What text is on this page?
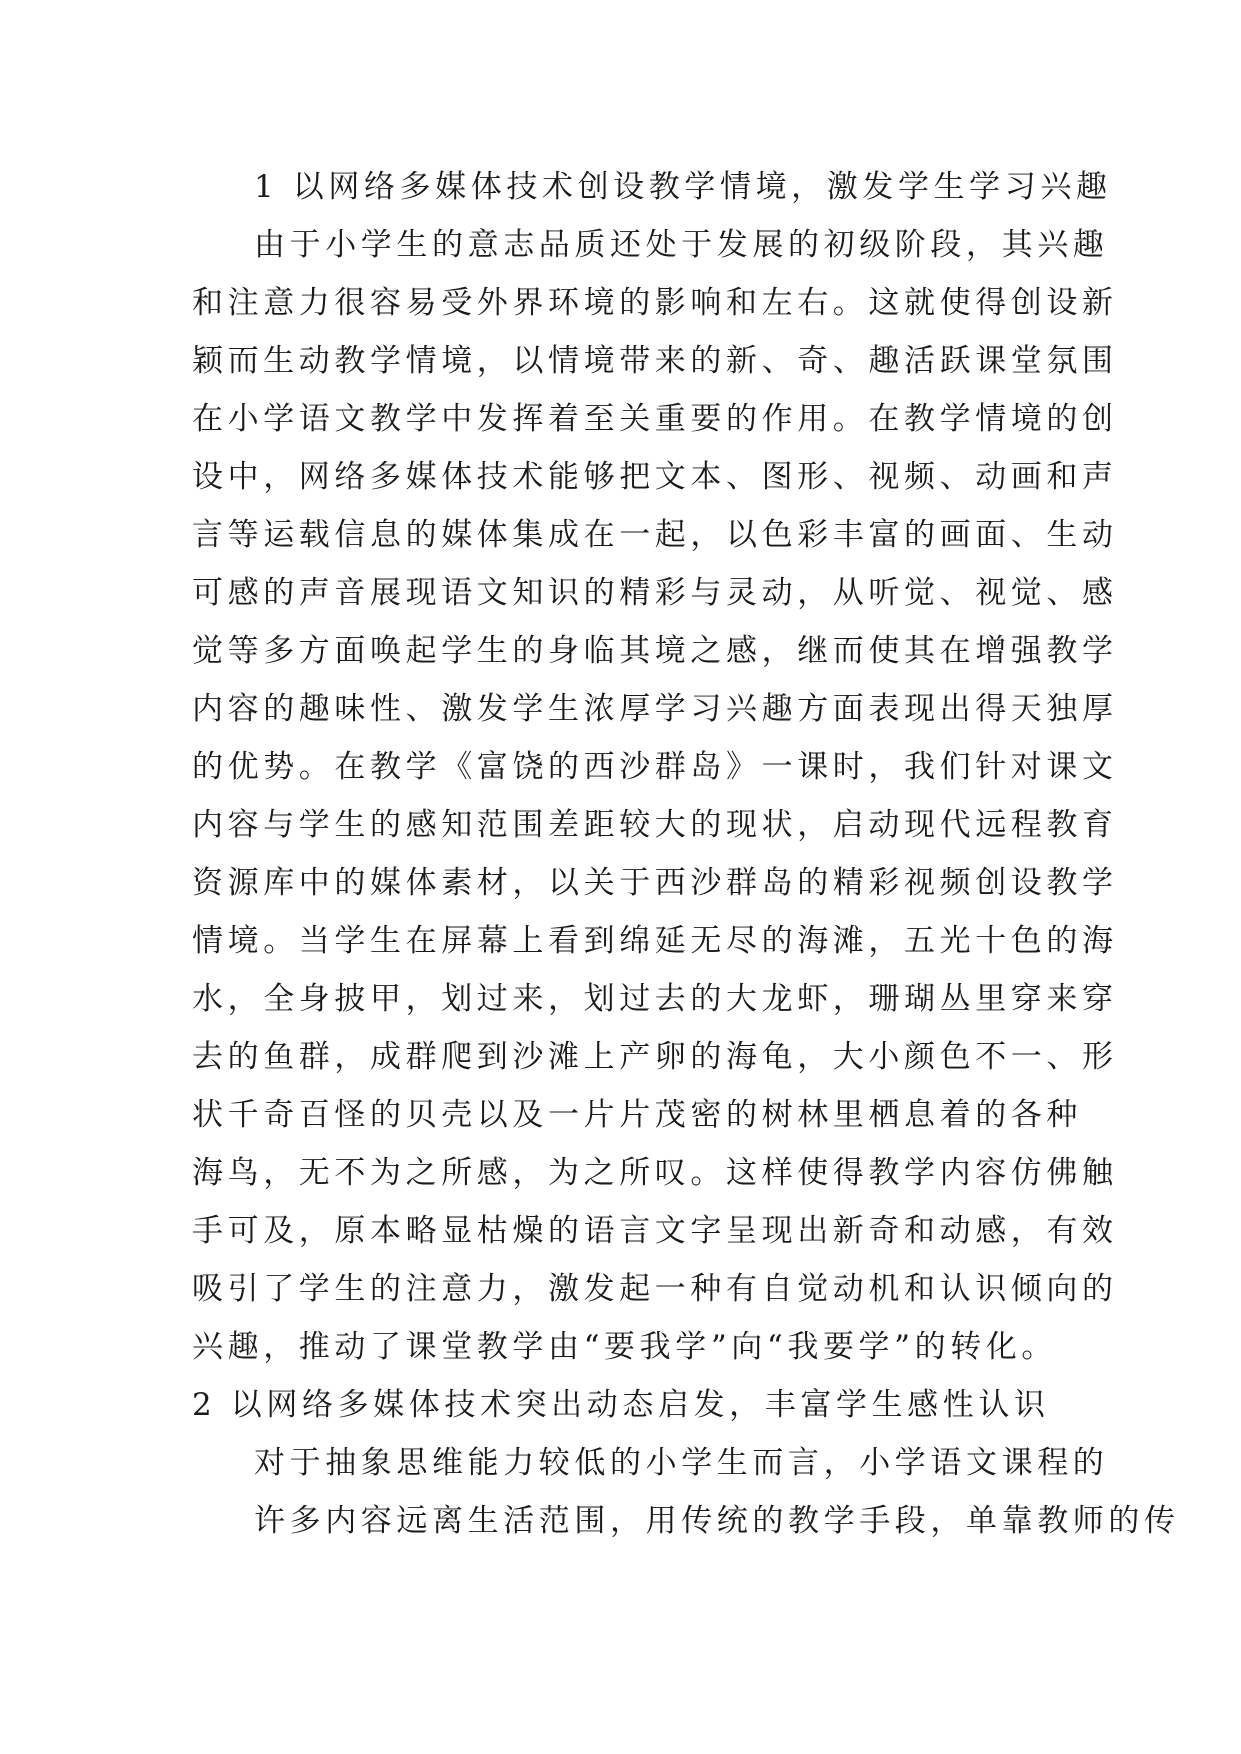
1 以网络多媒体技术创设教学情境，激发学生学习兴趣
由于小学生的意志品质还处于发展的初级阶段，其兴趣
和注意力很容易受外界环境的影响和左右。这就使得创设新
颖而生动教学情境，以情境带来的新、奇、趣活跃课堂氛围
在小学语文教学中发挥着至关重要的作用。在教学情境的创
设中，网络多媒体技术能够把文本、图形、视频、动画和声
言等运载信息的媒体集成在一起，以色彩丰富的画面、生动
可感的声音展现语文知识的精彩与灵动，从听觉、视觉、感
觉等多方面唤起学生的身临其境之感，继而使其在增强教学
内容的趣味性、激发学生浓厚学习兴趣方面表现出得天独厚
的优势。在教学《富饶的西沙群岛》一课时，我们针对课文
内容与学生的感知范围差距较大的现状，启动现代远程教育
资源库中的媒体素材，以关于西沙群岛的精彩视频创设教学
情境。当学生在屏幕上看到绵延无尽的海滩，五光十色的海
水，全身披甲，划过来，划过去的大龙虾，珊瑚丛里穿来穿
去的鱼群，成群爬到沙滩上产卵的海龟，大小颜色不一、形
状千奇百怪的贝壳以及一片片茂密的树林里栖息着的各种
海鸟，无不为之所感，为之所叹。这样使得教学内容仿佛触
手可及，原本略显枯燥的语言文字呈现出新奇和动感，有效
吸引了学生的注意力，激发起一种有自觉动机和认识倾向的
兴趣，推动了课堂教学由“要我学”向“我要学”的转化。
2 以网络多媒体技术突出动态启发，丰富学生感性认识
对于抽象思维能力较低的小学生而言，小学语文课程的
许多内容远离生活范围，用传统的教学手段，单靠教师的传
